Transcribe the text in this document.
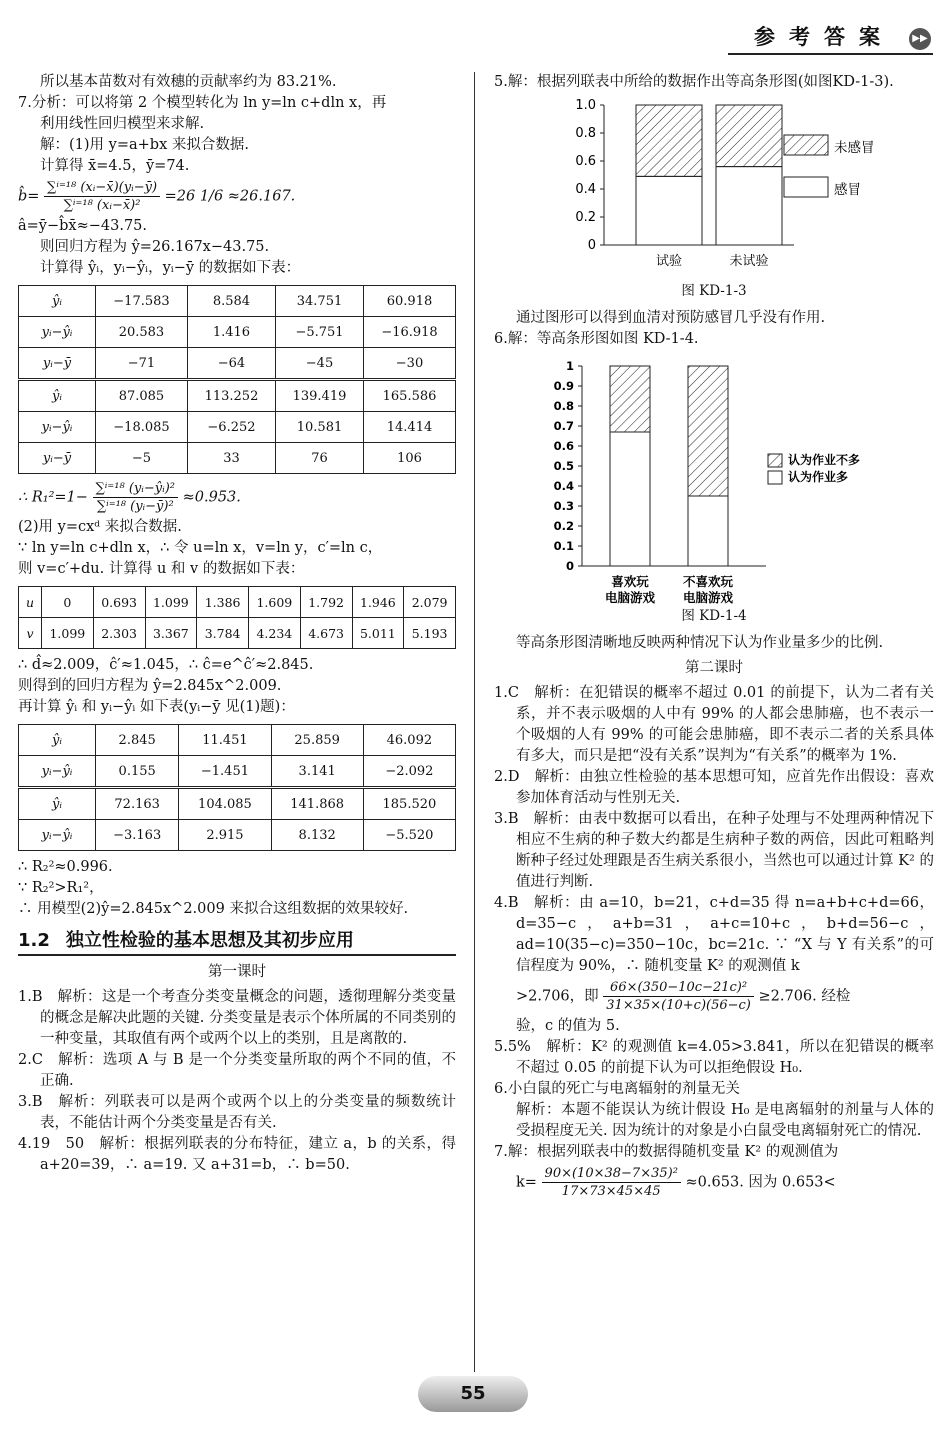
参考答案	▶▶

所以基本苗数对有效穗的贡献率约为 83.21%.

7.分析：可以将第 2 个模型转化为 ln y=ln c+dln x，再

利用线性回归模型来求解.

解：(1)用 y=a+bx 来拟合数据.

计算得 x̄=4.5，ȳ=74.

b̂= $\frac{\text{∑ⁱ⁼¹⁸ (xᵢ−x̄)(yᵢ−ȳ)}}{\text{∑ⁱ⁼¹⁸ (xᵢ−x̄)²}} =26$ 1/6 ≈26.167.

â=ȳ−b̂x̄≈−43.75.

则回归方程为 ŷ=26.167x−43.75.

计算得 ŷᵢ，yᵢ−ŷᵢ，yᵢ−ȳ 的数据如下表：

ŷᵢ	−17.583	8.584	34.751	60.918
yᵢ−ŷᵢ	20.583	1.416	−5.751	−16.918
yᵢ−ȳ	−71	−64	−45	−30
ŷᵢ	87.085	113.252	139.419	165.586
yᵢ−ŷᵢ	−18.085	−6.252	10.581	14.414
yᵢ−ȳ	−5	33	76	106
∴ $R_1^2=1- \frac{\text{∑ⁱ⁼¹⁸ (yᵢ−ŷᵢ)²}}{\text{∑ⁱ⁼¹⁸ (yᵢ−ȳ)²}} \approx 0.953$.

(2)用 y=cxᵈ 来拟合数据.

∵ ln y=ln c+dln x，∴ 令 u=ln x，v=ln y，c′=ln c，

则 v=c′+du. 计算得 u 和 v 的数据如下表：

u	0	0.693	1.099	1.386	1.609	1.792	1.946	2.079
v	1.099	2.303	3.367	3.784	4.234	4.673	5.011	5.193

∴ d̂≈2.009，ĉ′≈1.045，∴ ĉ=e^ĉ′≈2.845.

则得到的回归方程为 ŷ=2.845x^2.009.

再计算 ŷᵢ 和 yᵢ−ŷᵢ 如下表(yᵢ−ȳ 见(1)题)：

ŷᵢ	2.845	11.451	25.859	46.092
yᵢ−ŷᵢ	0.155	−1.451	3.141	−2.092
ŷᵢ	72.163	104.085	141.868	185.520
yᵢ−ŷᵢ	−3.163	2.915	8.132	−5.520

∴ R₂²≈0.996.

∵ R₂²>R₁²，

∴ 用模型(2)ŷ=2.845x^2.009 来拟合这组数据的效果较好.

1.2 独立性检验的基本思想及其初步应用
第一课时

1.B　解析：这是一个考查分类变量概念的问题，透彻理解分类变量的概念是解决此题的关键. 分类变量是表示个体所属的不同类别的一种变量，其取值有两个或两个以上的类别，且是离散的.

2.C　解析：选项 A 与 B 是一个分类变量所取的两个不同的值，不正确.

3.B　解析：列联表可以是两个或两个以上的分类变量的频数统计表，不能估计两个分类变量是否有关.

4.19　50　解析：根据列联表的分布特征，建立 a，b 的关系，得a+20=39，∴ a=19. 又 a+31=b，∴ b=50.

5.解：根据列联表中所给的数据作出等高条形图(如图KD-1-3).

0
0.2
0.4
0.6
0.8
1.0
试验	未试验
未感冒
感冒
图 KD-1-3

通过图形可以得到血清对预防感冒几乎没有作用.

6.解：等高条形图如图 KD-1-4.

0
0.1
0.2
0.3
0.4
0.5
0.6
0.7
0.8
0.9
1
喜欢玩
电脑游戏
不喜欢玩
电脑游戏
认为作业不多
认为作业多
图 KD-1-4

等高条形图清晰地反映两种情况下认为作业量多少的比例.

第二课时

1.C　解析：在犯错误的概率不超过 0.01 的前提下，认为二者有关系，并不表示吸烟的人中有 99% 的人都会患肺癌，也不表示一个吸烟的人有 99% 的可能会患肺癌，即不表示二者的关系具体有多大，而只是把“没有关系”误判为“有关系”的概率为 1%.

2.D　解析：由独立性检验的基本思想可知，应首先作出假设：喜欢参加体育活动与性别无关.

3.B　解析：由表中数据可以看出，在种子处理与不处理两种情况下相应不生病的种子数大约都是生病种子数的两倍，因此可粗略判断种子经过处理跟是否生病关系很小，当然也可以通过计算 K² 的值进行判断.

4.B　解析：由 a=10，b=21，c+d=35 得 n=a+b+c+d=66，d=35−c，a+b=31，a+c=10+c，b+d=56−c，ad=10(35−c)=350−10c，bc=21c. ∵ “X 与 Y 有关系”的可信程度为 90%，∴ 随机变量 K² 的观测值 k

>2.706，即 $\frac{\text{66×(350−10c−21c)²}}{31\times 35\times(10+c)(56-c)} \ge 2.706$. 经检

验，c 的值为 5.

5.5%　解析：K² 的观测值 k=4.05>3.841，所以在犯错误的概率不超过 0.05 的前提下认为可以拒绝假设 H₀.

6.小白鼠的死亡与电离辐射的剂量无关

解析：本题不能误认为统计假设 H₀ 是电离辐射的剂量与人体的受损程度无关. 因为统计的对象是小白鼠受电离辐射死亡的情况.

7.解：根据列联表中的数据得随机变量 K² 的观测值为

$k= \frac{\text{90×(10×38−7×35)²}}{17\times 73\times 45\times 45} \approx 0.653$. 因为 0.653<
55
